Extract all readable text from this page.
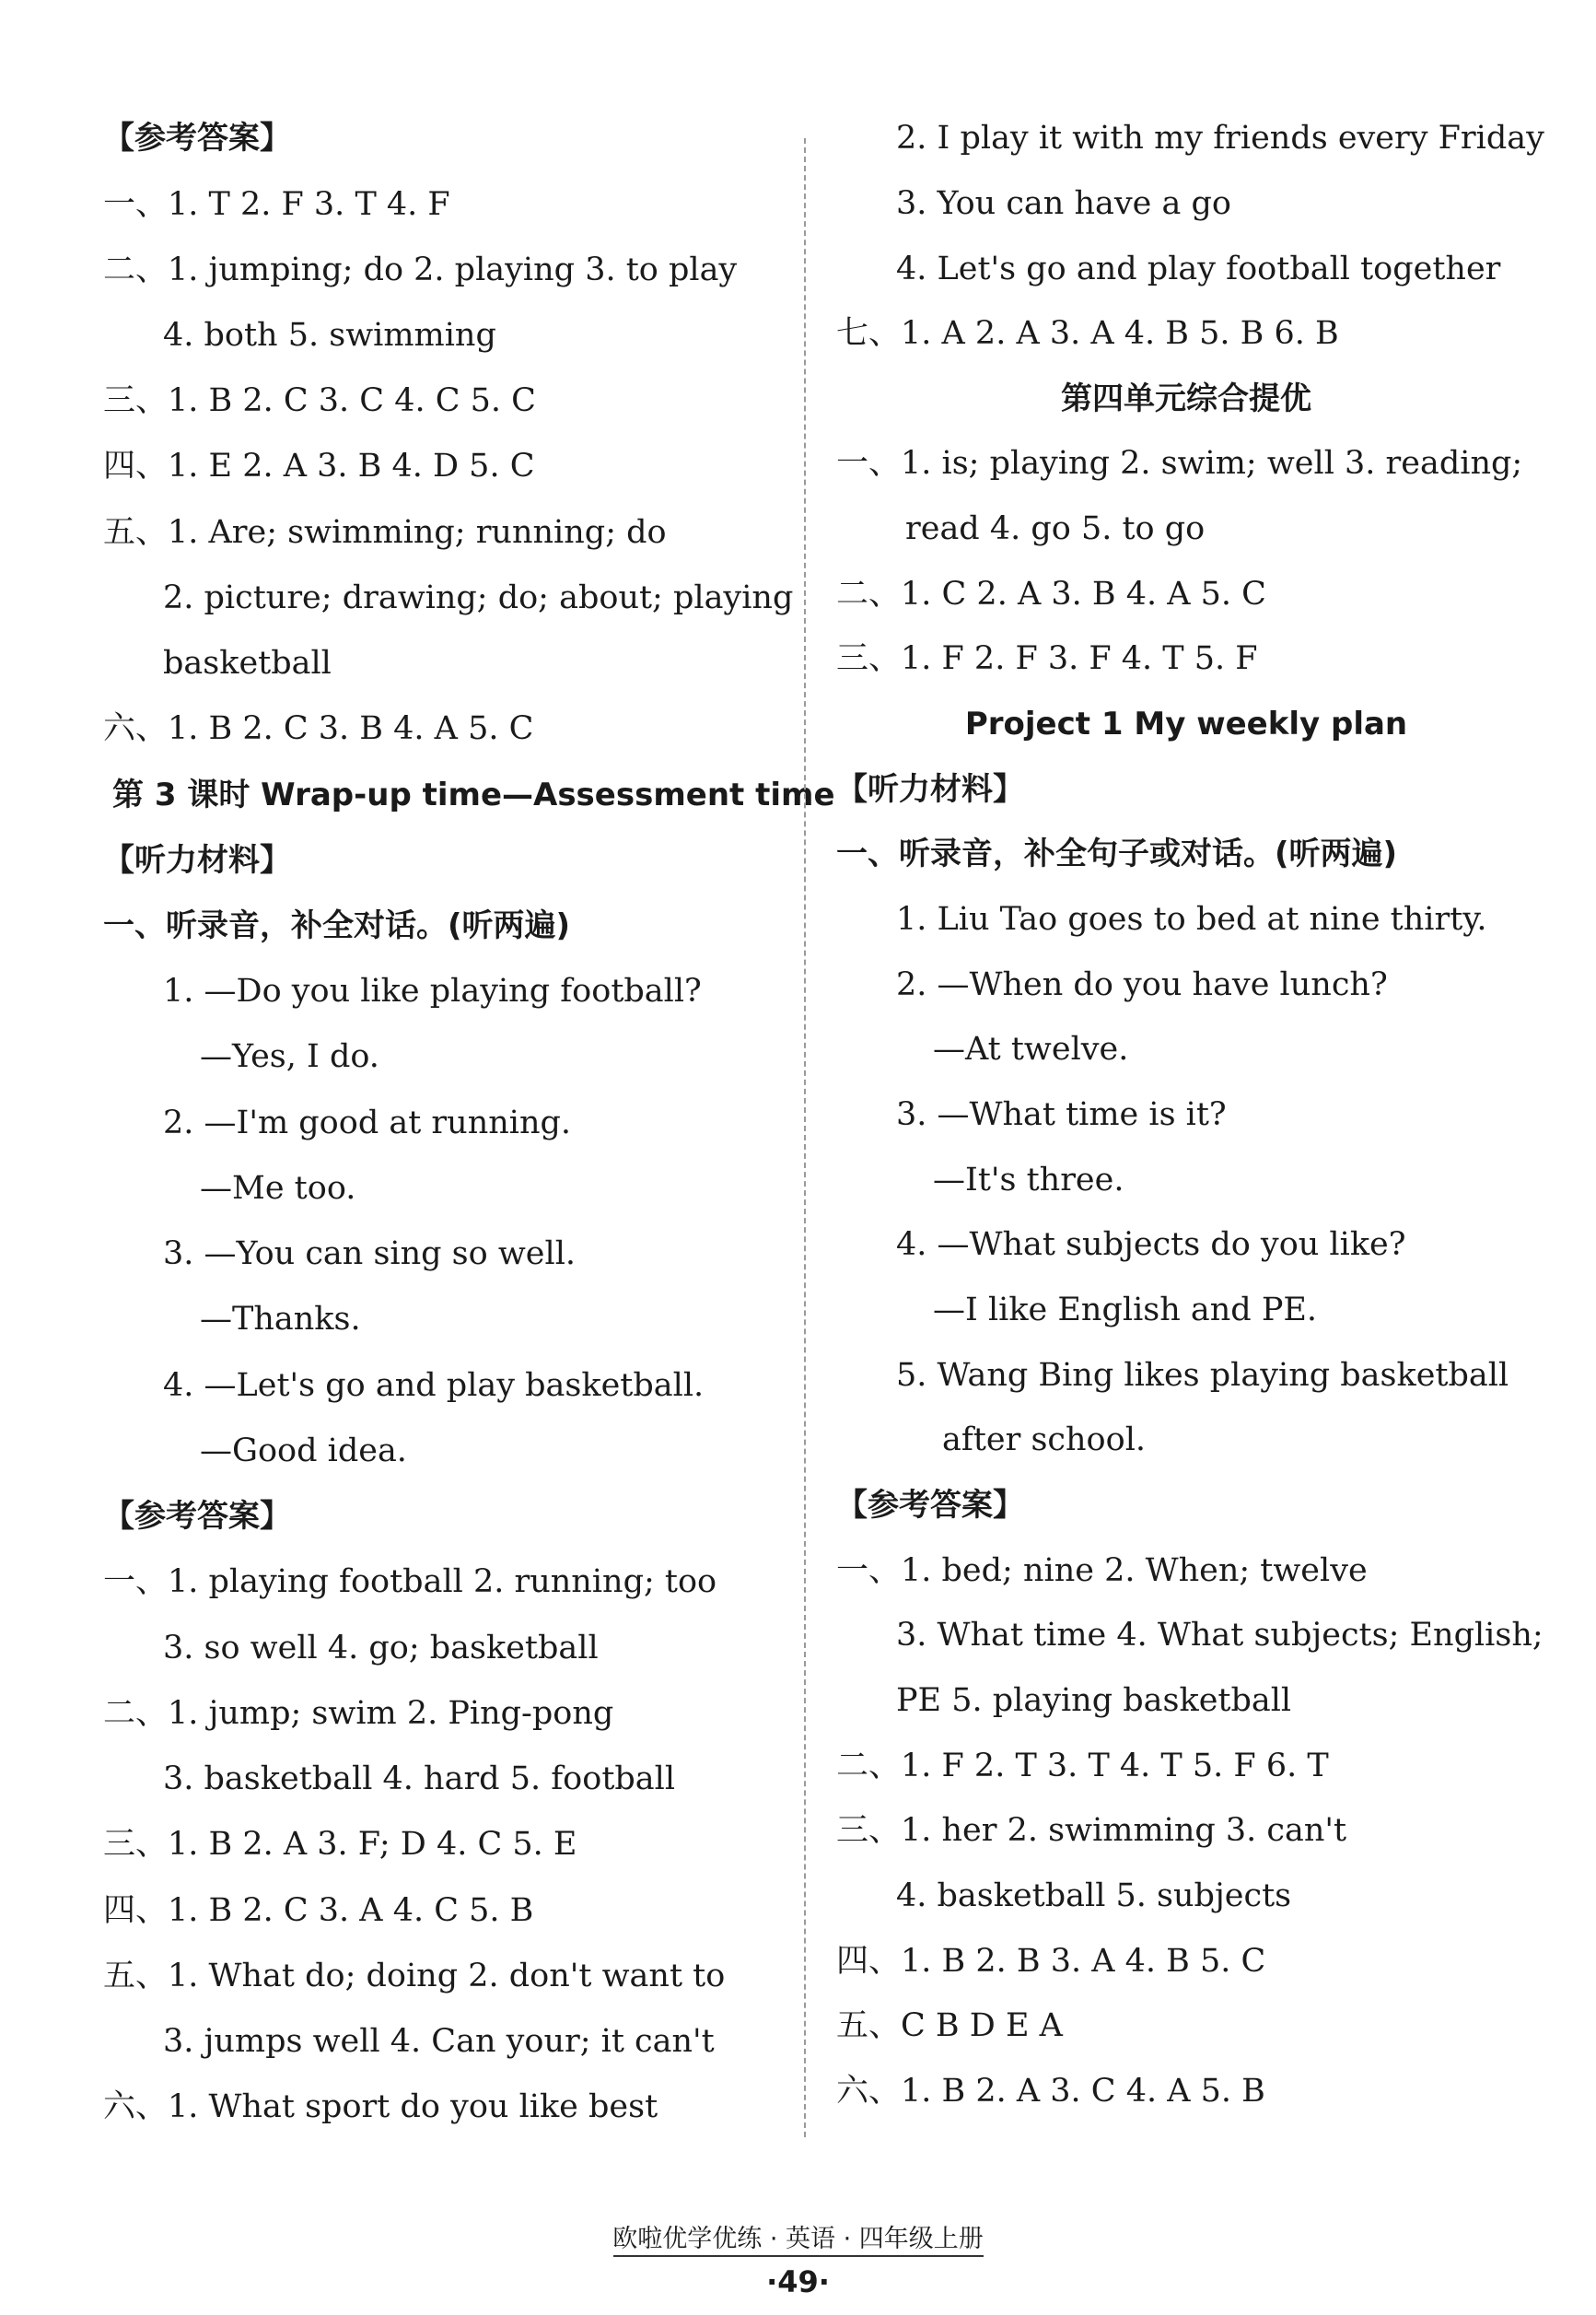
【参考答案】
一、1. T 2. F 3. T 4. F
二、1. jumping; do 2. playing 3. to play
4. both 5. swimming
三、1. B 2. C 3. C 4. C 5. C
四、1. E 2. A 3. B 4. D 5. C
五、1. Are; swimming; running; do
2. picture; drawing; do; about; playing
basketball
六、1. B 2. C 3. B 4. A 5. C
第 3 课时 Wrap-up time—Assessment time
【听力材料】
一、听录音，补全对话。(听两遍)
1. —Do you like playing football?
—Yes, I do.
2. —I'm good at running.
—Me too.
3. —You can sing so well.
—Thanks.
4. —Let's go and play basketball.
—Good idea.
【参考答案】
一、1. playing football 2. running; too
3. so well 4. go; basketball
二、1. jump; swim 2. Ping-pong
3. basketball 4. hard 5. football
三、1. B 2. A 3. F; D 4. C 5. E
四、1. B 2. C 3. A 4. C 5. B
五、1. What do; doing 2. don't want to
3. jumps well 4. Can your; it can't
六、1. What sport do you like best
2. I play it with my friends every Friday
3. You can have a go
4. Let's go and play football together
七、1. A 2. A 3. A 4. B 5. B 6. B
第四单元综合提优
一、1. is; playing 2. swim; well 3. reading;
read 4. go 5. to go
二、1. C 2. A 3. B 4. A 5. C
三、1. F 2. F 3. F 4. T 5. F
Project 1 My weekly plan
【听力材料】
一、听录音，补全句子或对话。(听两遍)
1. Liu Tao goes to bed at nine thirty.
2. —When do you have lunch?
—At twelve.
3. —What time is it?
—It's three.
4. —What subjects do you like?
—I like English and PE.
5. Wang Bing likes playing basketball
after school.
【参考答案】
一、1. bed; nine 2. When; twelve
3. What time 4. What subjects; English;
PE 5. playing basketball
二、1. F 2. T 3. T 4. T 5. F 6. T
三、1. her 2. swimming 3. can't
4. basketball 5. subjects
四、1. B 2. B 3. A 4. B 5. C
五、C B D E A
六、1. B 2. A 3. C 4. A 5. B
欧啦优学优练 · 英语 · 四年级上册
·49·
